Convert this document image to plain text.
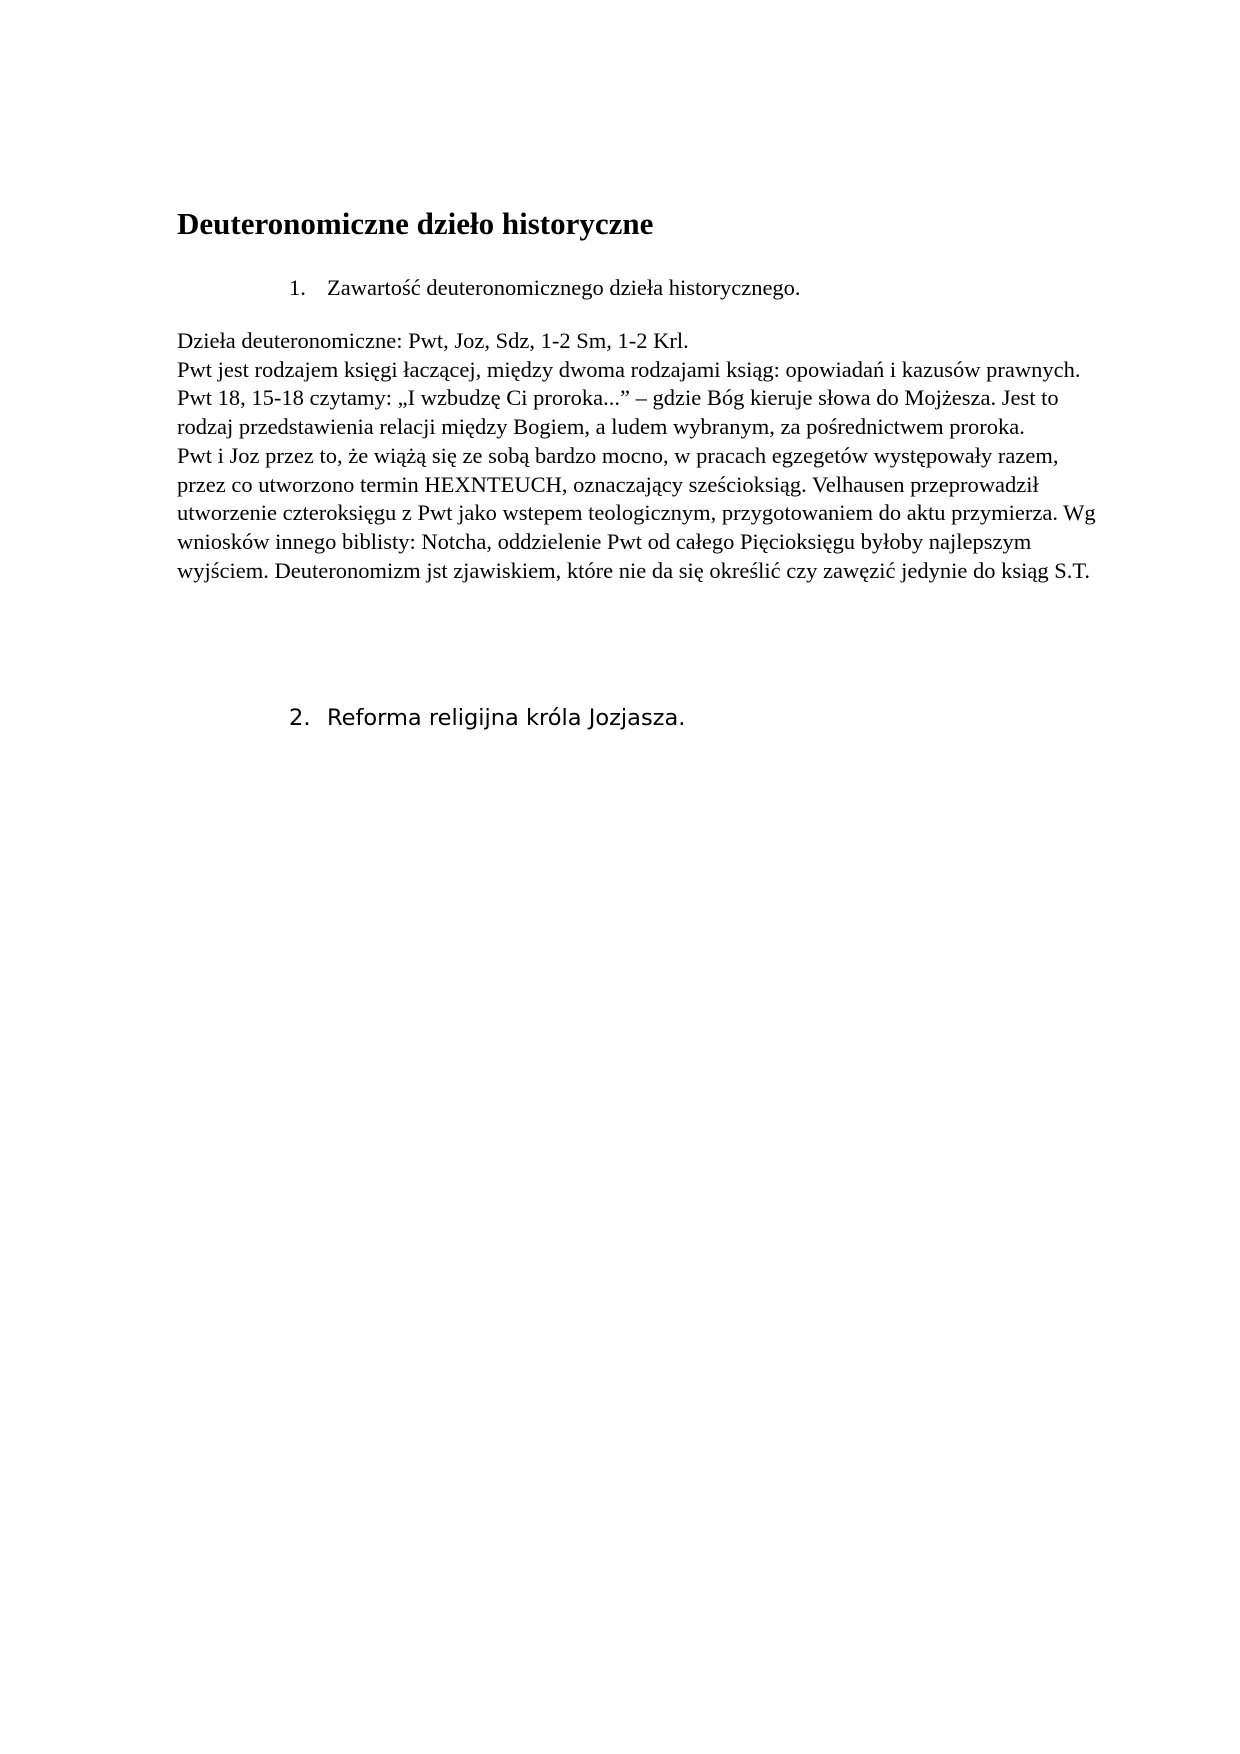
Deuteronomiczne dzieło historyczne
1. Zawartość deuteronomicznego dzieła historycznego.

Dzieła deuteronomiczne: Pwt, Joz, Sdz, 1-2 Sm, 1-2 Krl.

Pwt jest rodzajem księgi łaczącej, między dwoma rodzajami ksiąg: opowiadań i kazusów prawnych.

Pwt 18, 15-18 czytamy: „I wzbudzę Ci proroka...” – gdzie Bóg kieruje słowa do Mojżesza. Jest to rodzaj przedstawienia relacji między Bogiem, a ludem wybranym, za pośrednictwem proroka.

Pwt i Joz przez to, że wiążą się ze sobą bardzo mocno, w pracach egzegetów występowały razem, przez co utworzono termin HEXNTEUCH, oznaczający sześcioksiąg. Velhausen przeprowadził utworzenie czteroksięgu z Pwt jako wstepem teologicznym, przygotowaniem do aktu przymierza. Wg wniosków innego biblisty: Notcha, oddzielenie Pwt od całego Pięcioksięgu byłoby najlepszym wyjściem. Deuteronomizm jst zjawiskiem, które nie da się określić czy zawęzić jedynie do ksiąg S.T.

2. Reforma religijna króla Jozjasza.
